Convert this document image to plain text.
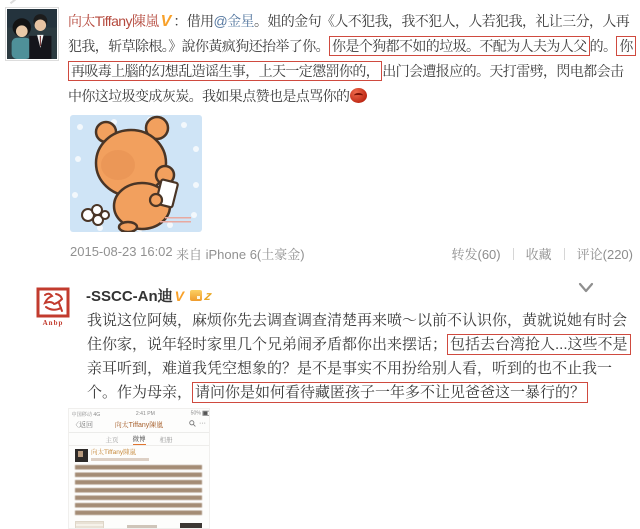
向太Tiffany陳嵐 V ：借用@金星。姐的金句《人不犯我，我不犯人，人若犯我，礼让三分，人再犯我，斩草除根。》說你黃疯狗还抬举了你。 你是个狗都不如的垃圾。不配为人夫为人父 的。 你再吸毒上腦的幻想乱造谣生事，上天一定懲罰你的， 出门会遭报应的。天打雷劈，閃电都会击中你这垃圾变成灰炭。我如果点赞也是点骂你的
2015-08-23 16:02 来自 iPhone 6(土豪金)	转发(60) 收藏 评论(220)
Anbp
-SSCC-An迪 V z
我说这位阿姨，麻烦你先去调查调查清楚再来喷～以前不认识你，黄就说她有时会住你家，说年轻时家里几个兄弟闹矛盾都你出来摆话； 包括去台湾抢人...这些不是亲耳听到，难道我凭空想象的？是不是事实不用扮给别人看，听到的也不止我一个。作为母亲， 请问你是如何看待藏匿孩子一年多不让见爸爸这一暴行的？
中国移动 4G	2:41 PM	50%
〈返回	向太Tiffany陳嵐	···
主页 微博 相册
向太Tiffany陳嵐
